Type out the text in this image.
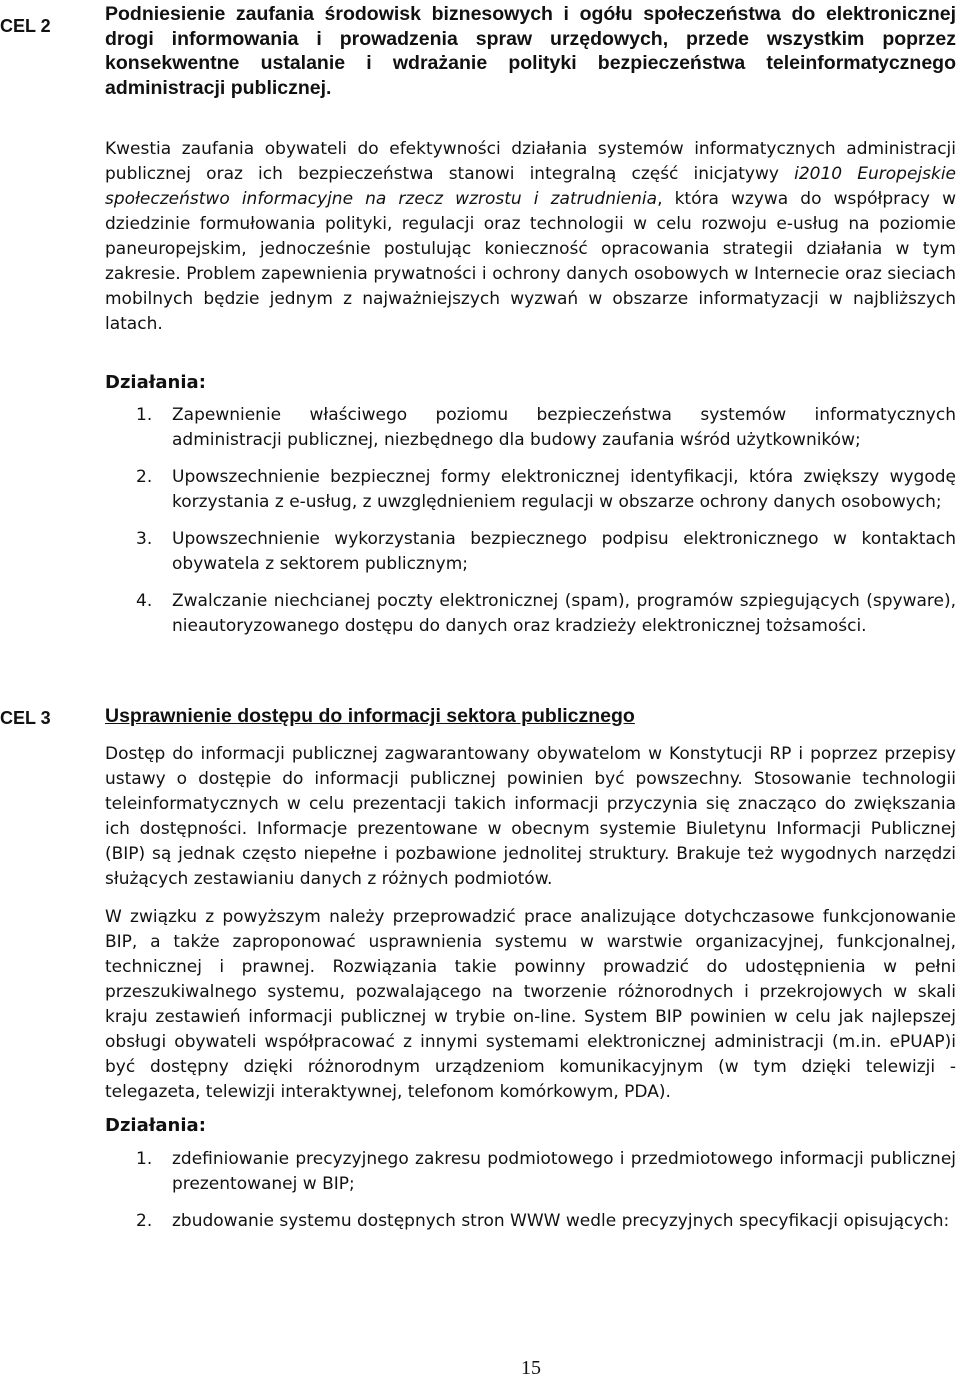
CEL 2
Podniesienie zaufania środowisk biznesowych i ogółu społeczeństwa do elektronicznej drogi informowania i prowadzenia spraw urzędowych, przede wszystkim poprzez konsekwentne ustalanie i wdrażanie polityki bezpieczeństwa teleinformatycznego administracji publicznej.

Kwestia zaufania obywateli do efektywności działania systemów informatycznych administracji publicznej oraz ich bezpieczeństwa stanowi integralną część inicjatywy i2010 Europejskie społeczeństwo informacyjne na rzecz wzrostu i zatrudnienia, która wzywa do współpracy w dziedzinie formułowania polityki, regulacji oraz technologii w celu rozwoju e-usług na poziomie paneuropejskim, jednocześnie postulując konieczność opracowania strategii działania w tym zakresie. Problem zapewnienia prywatności i ochrony danych osobowych w Internecie oraz sieciach mobilnych będzie jednym z najważniejszych wyzwań w obszarze informatyzacji w najbliższych latach.

Działania:
1. Zapewnienie właściwego poziomu bezpieczeństwa systemów informatycznych administracji publicznej, niezbędnego dla budowy zaufania wśród użytkowników;
2. Upowszechnienie bezpiecznej formy elektronicznej identyfikacji, która zwiększy wygodę korzystania z e-usług, z uwzględnieniem regulacji w obszarze ochrony danych osobowych;
3. Upowszechnienie wykorzystania bezpiecznego podpisu elektronicznego w kontaktach obywatela z sektorem publicznym;
4. Zwalczanie niechcianej poczty elektronicznej (spam), programów szpiegujących (spyware), nieautoryzowanego dostępu do danych oraz kradzieży elektronicznej tożsamości.
CEL 3	Usprawnienie dostępu do informacji sektora publicznego

Dostęp do informacji publicznej zagwarantowany obywatelom w Konstytucji RP i poprzez przepisy ustawy o dostępie do informacji publicznej powinien być powszechny. Stosowanie technologii teleinformatycznych w celu prezentacji takich informacji przyczynia się znacząco do zwiększania ich dostępności. Informacje prezentowane w obecnym systemie Biuletynu Informacji Publicznej (BIP) są jednak często niepełne i pozbawione jednolitej struktury. Brakuje też wygodnych narzędzi służących zestawianiu danych z różnych podmiotów.

W związku z powyższym należy przeprowadzić prace analizujące dotychczasowe funkcjonowanie BIP, a także zaproponować usprawnienia systemu w warstwie organizacyjnej, funkcjonalnej, technicznej i prawnej. Rozwiązania takie powinny prowadzić do udostępnienia w pełni przeszukiwalnego systemu, pozwalającego na tworzenie różnorodnych i przekrojowych w skali kraju zestawień informacji publicznej w trybie on-line. System BIP powinien w celu jak najlepszej obsługi obywateli współpracować z innymi systemami elektronicznej administracji (m.in. ePUAP)i być dostępny dzięki różnorodnym urządzeniom komunikacyjnym (w tym dzięki telewizji - telegazeta, telewizji interaktywnej, telefonom komórkowym, PDA).

Działania:
1. zdefiniowanie precyzyjnego zakresu podmiotowego i przedmiotowego informacji publicznej prezentowanej w BIP;
2. zbudowanie systemu dostępnych stron WWW wedle precyzyjnych specyfikacji opisujących:
15
